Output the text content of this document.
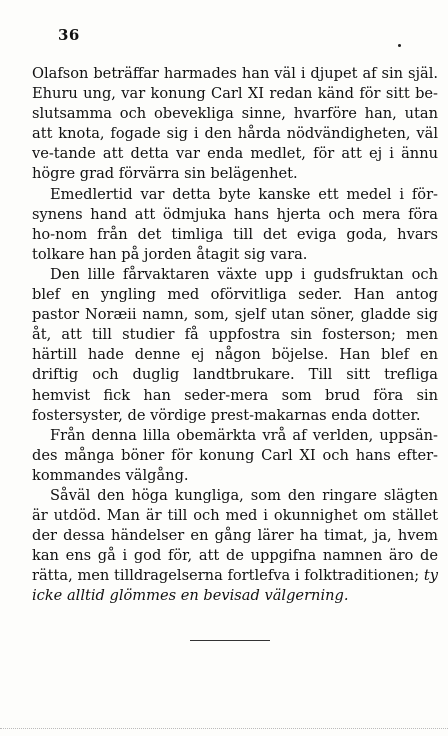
36

Olafson beträffar harmades han väl i djupet af sin själ. Ehuru ung, var konung Carl XI redan känd för sitt be-slutsamma och obevekliga sinne, hvarföre han, utan att knota, fogade sig i den hårda nödvändigheten, väl ve-tande att detta var enda medlet, för att ej i ännu högre grad förvärra sin belägenhet.

Emedlertid var detta byte kanske ett medel i för-synens hand att ödmjuka hans hjerta och mera föra ho-nom från det timliga till det eviga goda, hvars tolkare han på jorden åtagit sig vara.

Den lille fårvaktaren växte upp i gudsfruktan och blef en yngling med oförvitliga seder. Han antog pastor Noræii namn, som, sjelf utan söner, gladde sig åt, att till studier få uppfostra sin fosterson; men härtill hade denne ej någon böjelse. Han blef en driftig och duglig landtbrukare. Till sitt trefliga hemvist fick han seder-mera som brud föra sin fostersyster, de vördige prest-makarnas enda dotter.

Från denna lilla obemärkta vrå af verlden, uppsän-des många böner för konung Carl XI och hans efter-kommandes välgång.

Såväl den höga kungliga, som den ringare slägten är utdöd. Man är till och med i okunnighet om stället der dessa händelser en gång lärer ha timat, ja, hvem kan ens gå i god för, att de uppgifna namnen äro de rätta, men tilldragelserna fortlefva i folktraditionen; ty icke alltid glömmes en bevisad välgerning.
